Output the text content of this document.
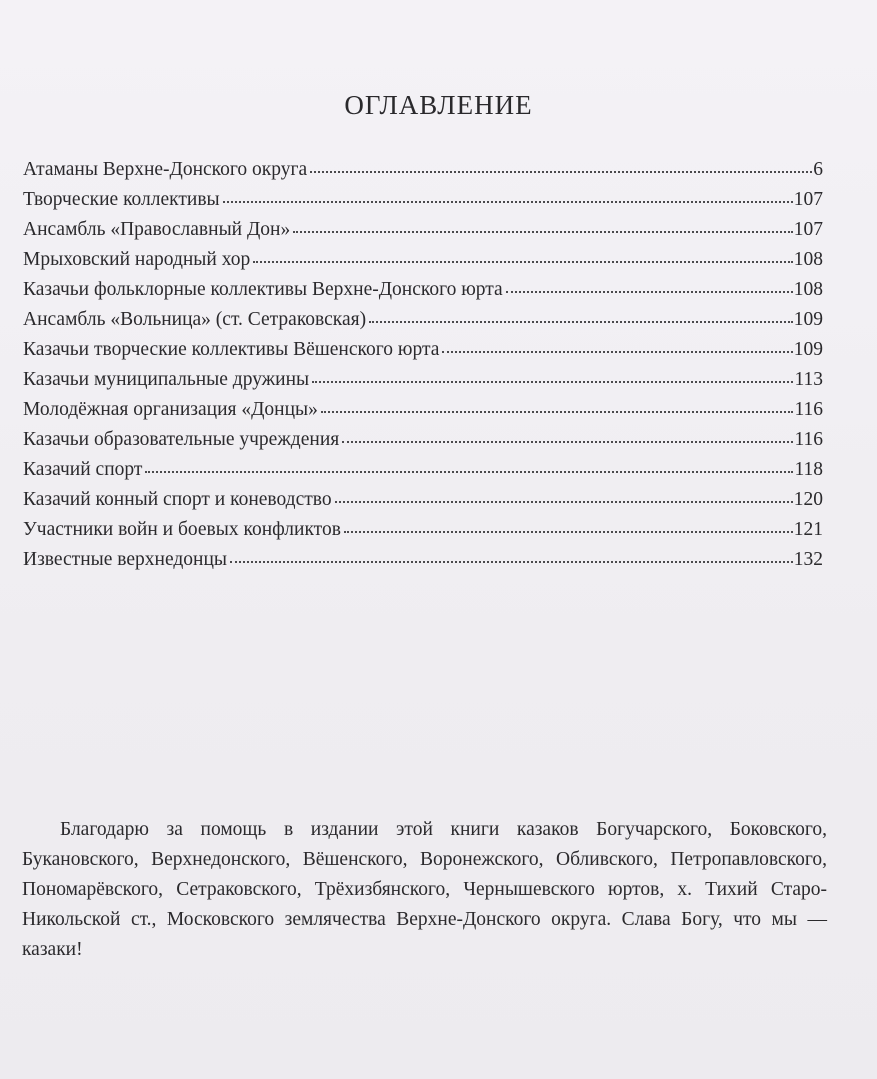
ОГЛАВЛЕНИЕ
Атаманы Верхне-Донского округа	6
Творческие коллективы	107
Ансамбль «Православный Дон»	107
Мрыховский народный хор	108
Казачьи фольклорные коллективы Верхне-Донского юрта	108
Ансамбль «Вольница» (ст. Сетраковская)	109
Казачьи творческие коллективы Вёшенского юрта	109
Казачьи муниципальные дружины	113
Молодёжная организация «Донцы»	116
Казачьи образовательные учреждения	116
Казачий спорт	118
Казачий конный спорт и коневодство	120
Участники войн и боевых конфликтов	121
Известные верхнедонцы	132

Благодарю за помощь в издании этой книги казаков Богучарского, Боковского, Букановского, Верхнедонского, Вёшенского, Воронежского, Обливского, Петропавловского, Пономарёвского, Сетраковского, Трёхизбянского, Чернышевского юртов, х. Тихий Старо-Никольской ст., Московского землячества Верхне-Донского округа. Слава Богу, что мы — казаки!
